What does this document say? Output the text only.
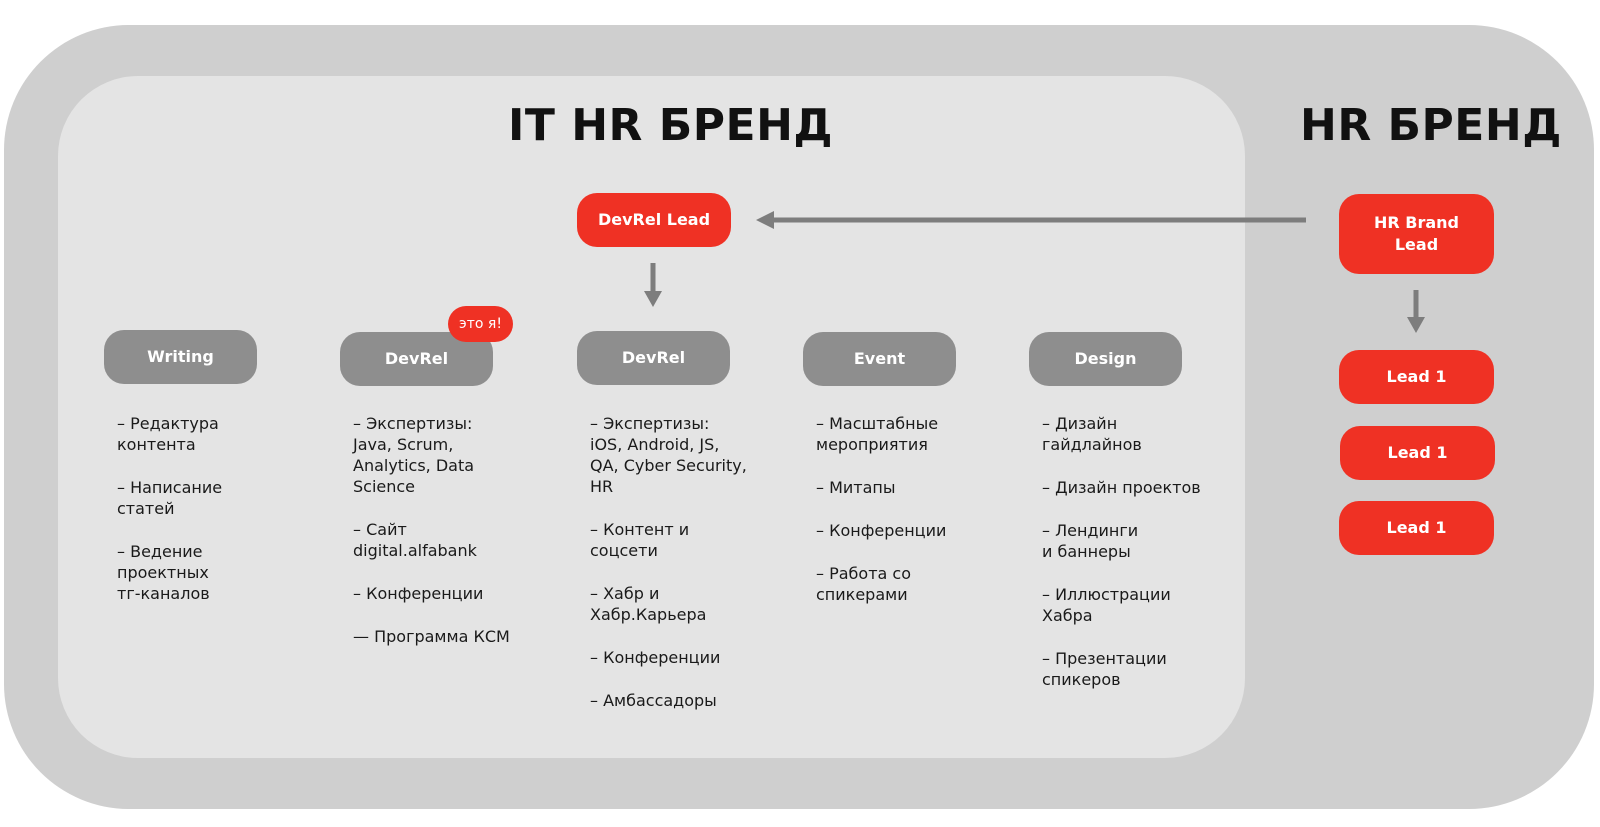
IT HR БРЕНД	HR БРЕНД
DevRel Lead	HR Brand
Lead
Writing	DevRel	DevRel	Event	Design
это я!
Lead 1
Lead 1
Lead 1
– Редактура
контента
– Написание
статей
– Ведение
проектных
тг-каналов
– Экспертизы:
Java, Scrum,
Analytics, Data
Science
– Сайт
digital.alfabank
– Конференции
— Программа КСМ
– Экспертизы:
iOS, Android, JS,
QA, Cyber Security,
HR
– Контент и
соцсети
– Хабр и
Хабр.Карьера
– Конференции
– Амбассадоры
– Масштабные
мероприятия
– Митапы
– Конференции
– Работа со
спикерами
– Дизайн
гайдлайнов
– Дизайн проектов
– Лендинги
и баннеры
– Иллюстрации
Хабра
– Презентации
спикеров
